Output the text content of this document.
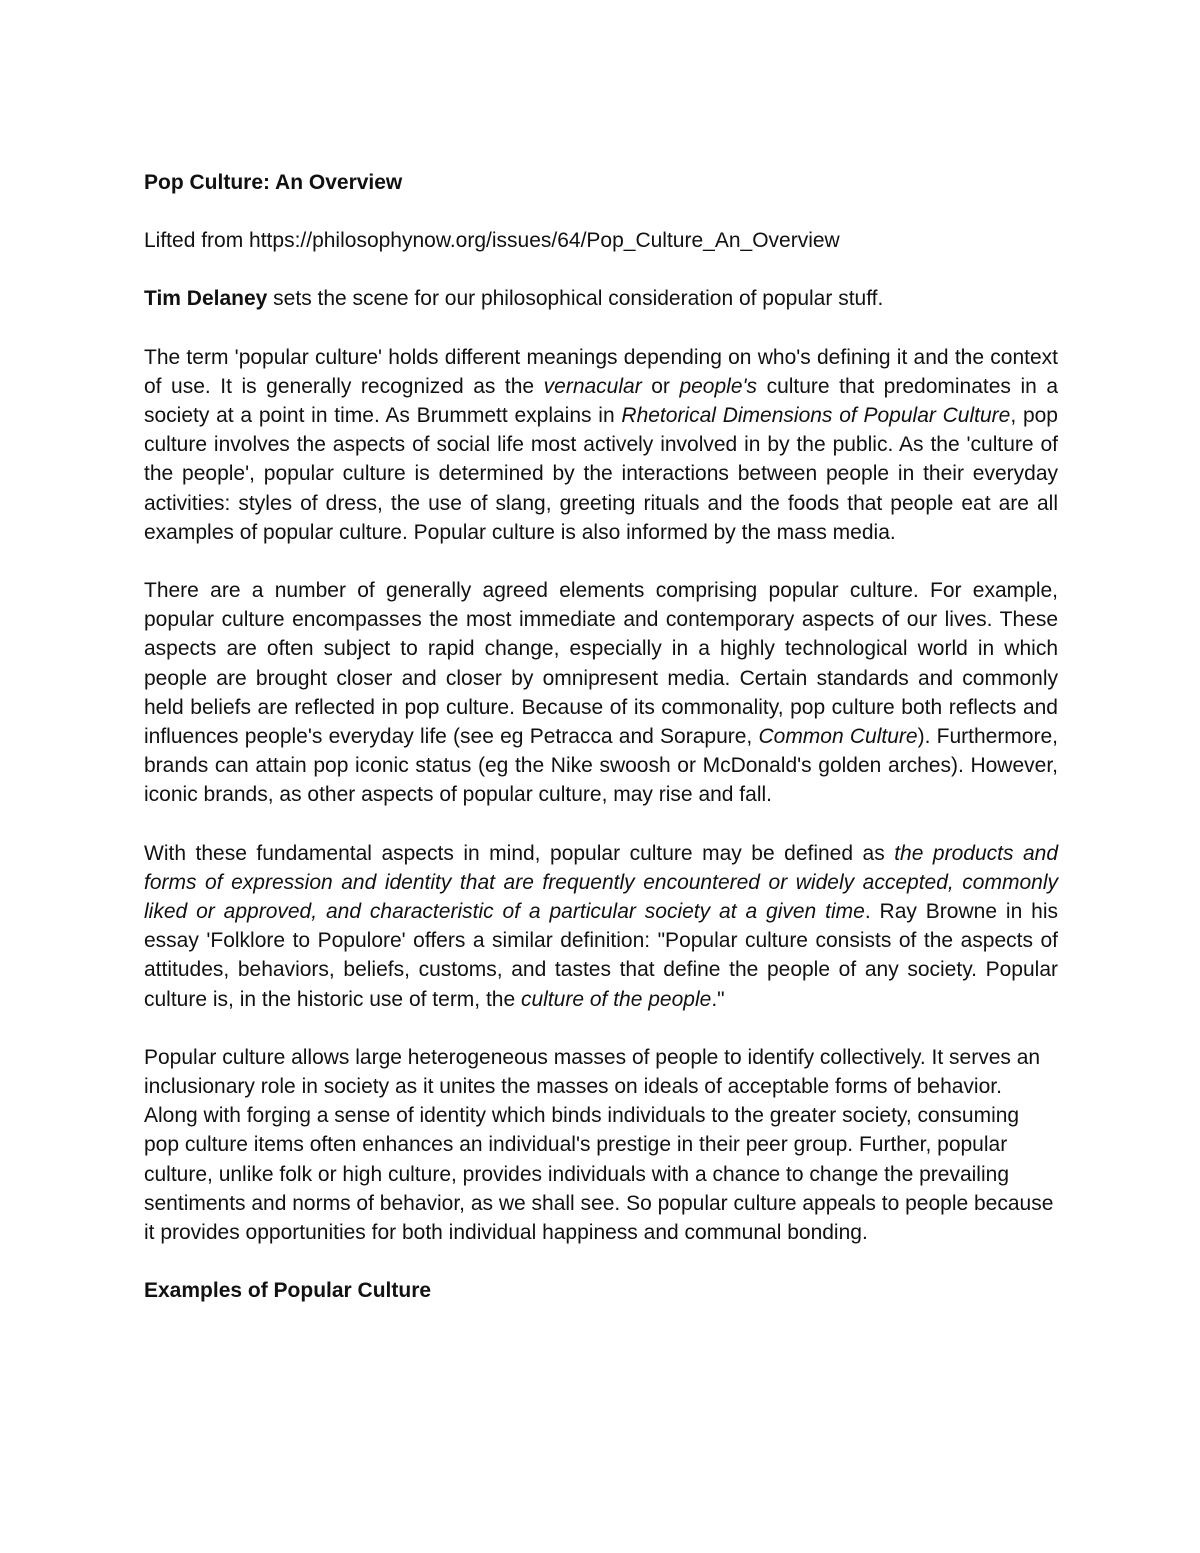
Pop Culture: An Overview

Lifted from https://philosophynow.org/issues/64/Pop_Culture_An_Overview

Tim Delaney sets the scene for our philosophical consideration of popular stuff.

The term 'popular culture' holds different meanings depending on who's defining it and the context of use. It is generally recognized as the vernacular or people's culture that predominates in a society at a point in time. As Brummett explains in Rhetorical Dimensions of Popular Culture, pop culture involves the aspects of social life most actively involved in by the public. As the 'culture of the people', popular culture is determined by the interactions between people in their everyday activities: styles of dress, the use of slang, greeting rituals and the foods that people eat are all examples of popular culture. Popular culture is also informed by the mass media.

There are a number of generally agreed elements comprising popular culture. For example, popular culture encompasses the most immediate and contemporary aspects of our lives. These aspects are often subject to rapid change, especially in a highly technological world in which people are brought closer and closer by omnipresent media. Certain standards and commonly held beliefs are reflected in pop culture. Because of its commonality, pop culture both reflects and influences people's everyday life (see eg Petracca and Sorapure, Common Culture). Furthermore, brands can attain pop iconic status (eg the Nike swoosh or McDonald's golden arches). However, iconic brands, as other aspects of popular culture, may rise and fall.

With these fundamental aspects in mind, popular culture may be defined as the products and forms of expression and identity that are frequently encountered or widely accepted, commonly liked or approved, and characteristic of a particular society at a given time. Ray Browne in his essay 'Folklore to Populore' offers a similar definition: "Popular culture consists of the aspects of attitudes, behaviors, beliefs, customs, and tastes that define the people of any society. Popular culture is, in the historic use of term, the culture of the people."

Popular culture allows large heterogeneous masses of people to identify collectively. It serves an inclusionary role in society as it unites the masses on ideals of acceptable forms of behavior. Along with forging a sense of identity which binds individuals to the greater society, consuming pop culture items often enhances an individual's prestige in their peer group. Further, popular culture, unlike folk or high culture, provides individuals with a chance to change the prevailing sentiments and norms of behavior, as we shall see. So popular culture appeals to people because it provides opportunities for both individual happiness and communal bonding.

Examples of Popular Culture
